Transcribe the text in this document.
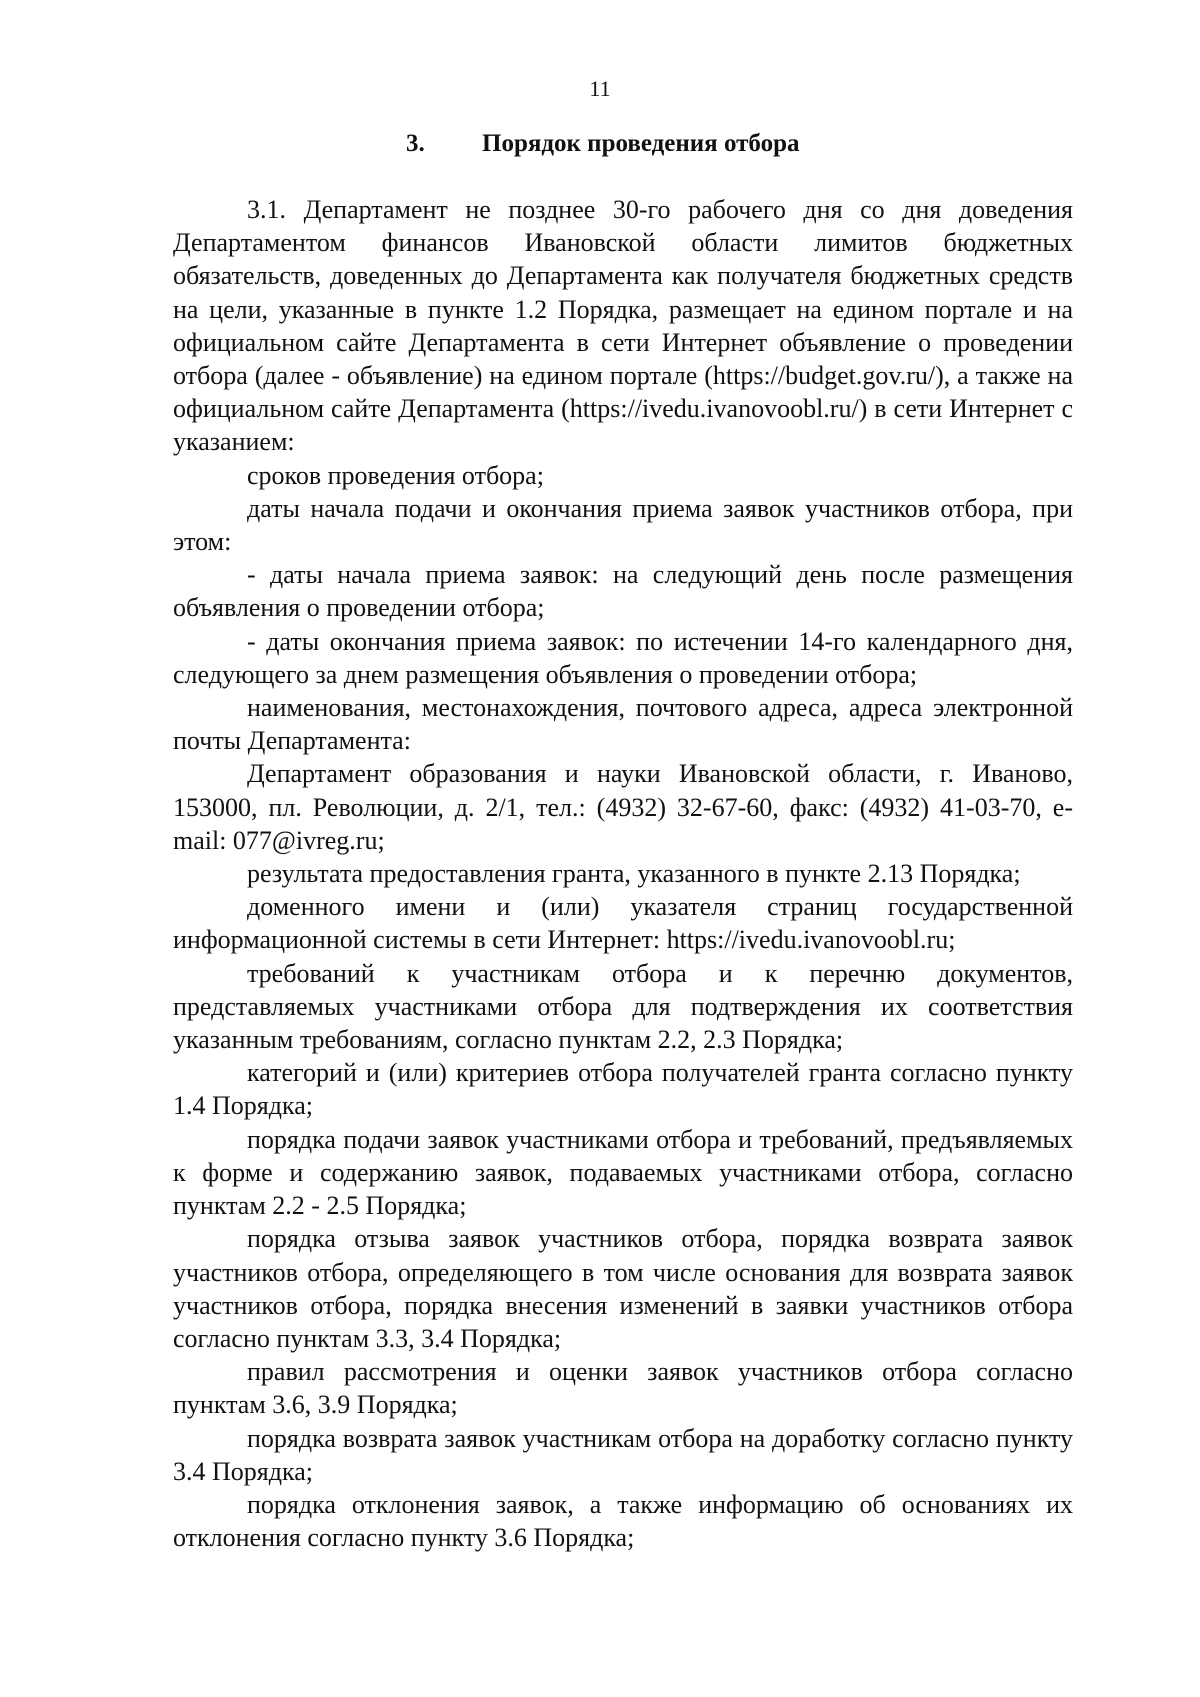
11
3. Порядок проведения отбора

3.1. Департамент не позднее 30-го рабочего дня со дня доведения Департаментом финансов Ивановской области лимитов бюджетных обязательств, доведенных до Департамента как получателя бюджетных средств на цели, указанные в пункте 1.2 Порядка, размещает на едином портале и на официальном сайте Департамента в сети Интернет объявление о проведении отбора (далее - объявление) на едином портале (https://budget.gov.ru/), а также на официальном сайте Департамента (https://ivedu.ivanovoobl.ru/) в сети Интернет с указанием:

сроков проведения отбора;

даты начала подачи и окончания приема заявок участников отбора, при этом:

- даты начала приема заявок: на следующий день после размещения объявления о проведении отбора;

- даты окончания приема заявок: по истечении 14-го календарного дня, следующего за днем размещения объявления о проведении отбора;

наименования, местонахождения, почтового адреса, адреса электронной почты Департамента:

Департамент образования и науки Ивановской области, г. Иваново, 153000, пл. Революции, д. 2/1, тел.: (4932) 32-67-60, факс: (4932) 41-03-70, e- mail: 077@ivreg.ru;

результата предоставления гранта, указанного в пункте 2.13 Порядка;

доменного имени и (или) указателя страниц государственной информационной системы в сети Интернет: https://ivedu.ivanovoobl.ru;

требований к участникам отбора и к перечню документов, представляемых участниками отбора для подтверждения их соответствия указанным требованиям, согласно пунктам 2.2, 2.3 Порядка;

категорий и (или) критериев отбора получателей гранта согласно пункту 1.4 Порядка;

порядка подачи заявок участниками отбора и требований, предъявляемых к форме и содержанию заявок, подаваемых участниками отбора, согласно пунктам 2.2 - 2.5 Порядка;

порядка отзыва заявок участников отбора, порядка возврата заявок участников отбора, определяющего в том числе основания для возврата заявок участников отбора, порядка внесения изменений в заявки участников отбора согласно пунктам 3.3, 3.4 Порядка;

правил рассмотрения и оценки заявок участников отбора согласно пунктам 3.6, 3.9 Порядка;

порядка возврата заявок участникам отбора на доработку согласно пункту 3.4 Порядка;

порядка отклонения заявок, а также информацию об основаниях их отклонения согласно пункту 3.6 Порядка;
